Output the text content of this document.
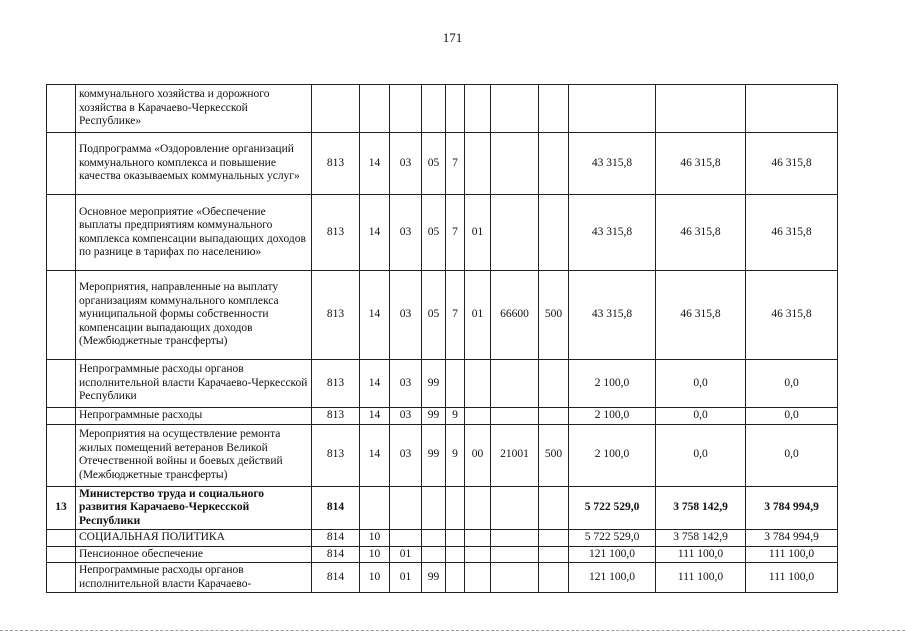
171
	коммунального хозяйства и дорожного хозяйства в Карачаево-Черкесской Республике»											
	Подпрограмма «Оздоровление организаций коммунального комплекса и повышение качества оказываемых коммунальных услуг»	813	14	03	05	7				43 315,8	46 315,8	46 315,8
	Основное мероприятие «Обеспечение выплаты предприятиям коммунального комплекса компенсации выпадающих доходов по разнице в тарифах по населению»	813	14	03	05	7	01			43 315,8	46 315,8	46 315,8
	Мероприятия, направленные на выплату организациям коммунального комплекса муниципальной формы собственности компенсации выпадающих доходов (Межбюджетные трансферты)	813	14	03	05	7	01	66600	500	43 315,8	46 315,8	46 315,8
	Непрограммные расходы органов исполнительной власти Карачаево-Черкесской Республики	813	14	03	99					2 100,0	0,0	0,0
	Непрограммные расходы	813	14	03	99	9				2 100,0	0,0	0,0
	Мероприятия на осуществление ремонта жилых помещений ветеранов Великой Отечественной войны и боевых действий (Межбюджетные трансферты)	813	14	03	99	9	00	21001	500	2 100,0	0,0	0,0
13	Министерство труда и социального развития Карачаево-Черкесской Республики	814								5 722 529,0	3 758 142,9	3 784 994,9
	СОЦИАЛЬНАЯ ПОЛИТИКА	814	10							5 722 529,0	3 758 142,9	3 784 994,9
	Пенсионное обеспечение	814	10	01						121 100,0	111 100,0	111 100,0
	Непрограммные расходы органов исполнительной власти Карачаево-	814	10	01	99					121 100,0	111 100,0	111 100,0
